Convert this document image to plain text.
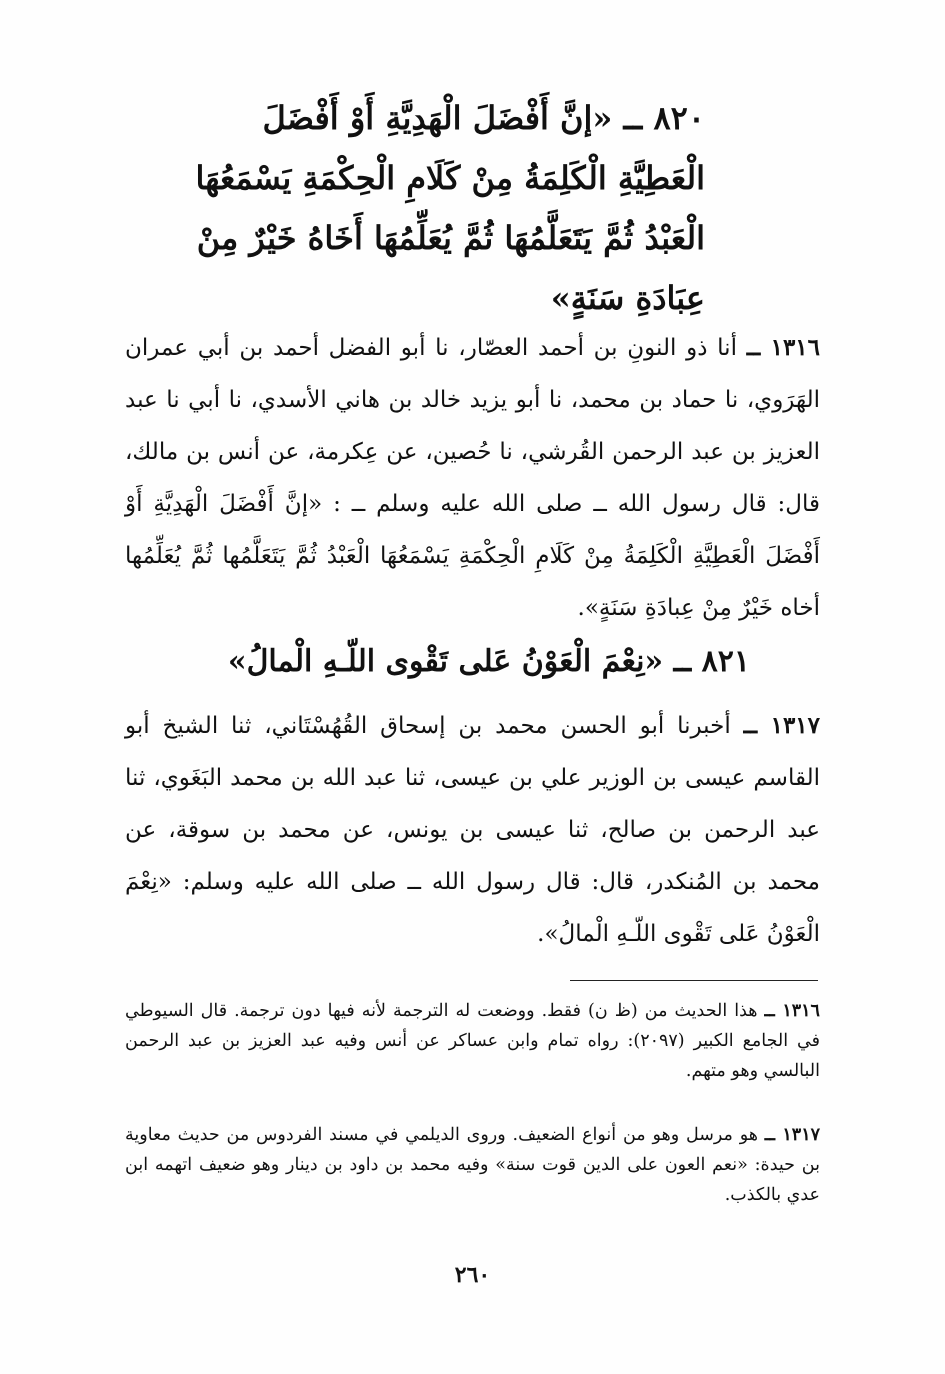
٨٢٠ ــ «إنَّ أَفْضَلَ الْهَدِيَّةِ أَوْ أَفْضَلَ الْعَطِيَّةِ الْكَلِمَةُ مِنْ كَلَامِ الْحِكْمَةِ يَسْمَعُهَا الْعَبْدُ ثُمَّ يَتَعَلَّمُهَا ثُمَّ يُعَلِّمُهَا أَخَاهُ خَيْرٌ مِنْ عِبَادَةِ سَنَةٍ»
١٣١٦ ــ أنا ذو النونِ بن أحمد العصّار، نا أبو الفضل أحمد بن أبي عمران الهَرَوي، نا حماد بن محمد، نا أبو يزيد خالد بن هاني الأسدي، نا أبي نا عبد العزيز بن عبد الرحمن القُرشي، نا حُصين، عن عِكرمة، عن أنس بن مالك، قال: قال رسول الله ــ صلى الله عليه وسلم ــ : «إنَّ أَفْضَلَ الْهَدِيَّةِ أَوْ أَفْضَلَ الْعَطِيَّةِ الْكَلِمَةُ مِنْ كَلَامِ الْحِكْمَةِ يَسْمَعُهَا الْعَبْدُ ثُمَّ يَتَعَلَّمُها ثُمَّ يُعَلِّمُها أخاه خَيْرٌ مِنْ عِبادَةِ سَنَةٍ».
٨٢١ ــ «نِعْمَ الْعَوْنُ عَلى تَقْوى اللّـهِ الْمالُ»
١٣١٧ ــ أخبرنا أبو الحسن محمد بن إسحاق القُهُسْتَاني، ثنا الشيخ أبو القاسم عيسى بن الوزير علي بن عيسى، ثنا عبد الله بن محمد البَغَوي، ثنا عبد الرحمن بن صالح، ثنا عيسى بن يونس، عن محمد بن سوقة، عن محمد بن المُنكدر، قال: قال رسول الله ــ صلى الله عليه وسلم: «نِعْمَ الْعَوْنُ عَلى تَقْوى اللّـهِ الْمالُ».
١٣١٦ ــ هذا الحديث من (ظ ن) فقط. ووضعت له الترجمة لأنه فيها دون ترجمة. قال السيوطي في الجامع الكبير (٢٠٩٧): رواه تمام وابن عساكر عن أنس وفيه عبد العزيز بن عبد الرحمن البالسي وهو متهم.
١٣١٧ ــ هو مرسل وهو من أنواع الضعيف. وروى الديلمي في مسند الفردوس من حديث معاوية بن حيدة: «نعم العون على الدين قوت سنة» وفيه محمد بن داود بن دينار وهو ضعيف اتهمه ابن عدي بالكذب.
٢٦٠
